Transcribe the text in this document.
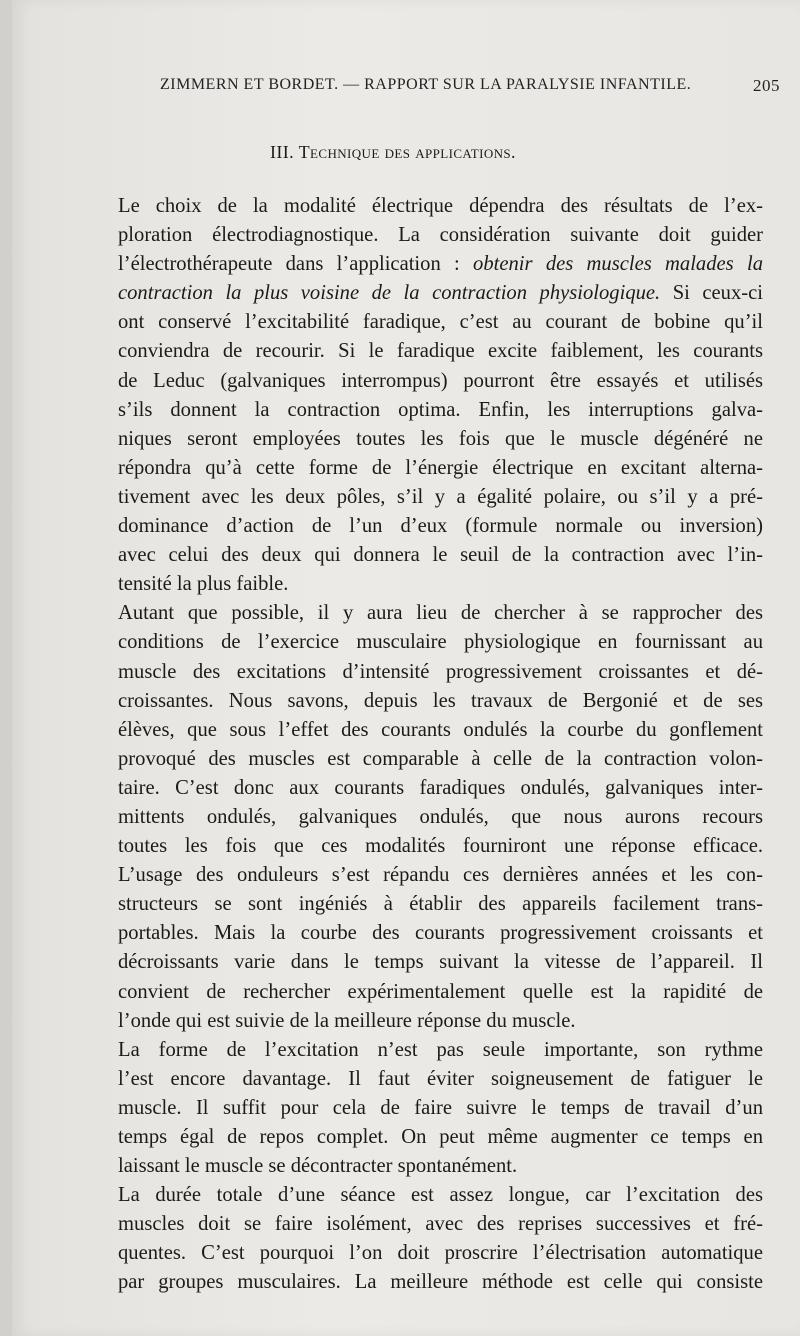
ZIMMERN ET BORDET. — RAPPORT SUR LA PARALYSIE INFANTILE.	205
III. Technique des applications.

Le choix de la modalité électrique dépendra des résultats de l’ex-
ploration électrodiagnostique. La considération suivante doit guider
l’électrothérapeute dans l’application : obtenir des muscles malades la
contraction la plus voisine de la contraction physiologique. Si ceux-ci
ont conservé l’excitabilité faradique, c’est au courant de bobine qu’il
conviendra de recourir. Si le faradique excite faiblement, les courants
de Leduc (galvaniques interrompus) pourront être essayés et utilisés
s’ils donnent la contraction optima. Enfin, les interruptions galva-
niques seront employées toutes les fois que le muscle dégénéré ne
répondra qu’à cette forme de l’énergie électrique en excitant alterna-
tivement avec les deux pôles, s’il y a égalité polaire, ou s’il y a pré-
dominance d’action de l’un d’eux (formule normale ou inversion)
avec celui des deux qui donnera le seuil de la contraction avec l’in-
tensité la plus faible.

Autant que possible, il y aura lieu de chercher à se rapprocher des
conditions de l’exercice musculaire physiologique en fournissant au
muscle des excitations d’intensité progressivement croissantes et dé-
croissantes. Nous savons, depuis les travaux de Bergonié et de ses
élèves, que sous l’effet des courants ondulés la courbe du gonflement
provoqué des muscles est comparable à celle de la contraction volon-
taire. C’est donc aux courants faradiques ondulés, galvaniques inter-
mittents ondulés, galvaniques ondulés, que nous aurons recours
toutes les fois que ces modalités fourniront une réponse efficace.
L’usage des onduleurs s’est répandu ces dernières années et les con-
structeurs se sont ingéniés à établir des appareils facilement trans-
portables. Mais la courbe des courants progressivement croissants et
décroissants varie dans le temps suivant la vitesse de l’appareil. Il
convient de rechercher expérimentalement quelle est la rapidité de
l’onde qui est suivie de la meilleure réponse du muscle.

La forme de l’excitation n’est pas seule importante, son rythme
l’est encore davantage. Il faut éviter soigneusement de fatiguer le
muscle. Il suffit pour cela de faire suivre le temps de travail d’un
temps égal de repos complet. On peut même augmenter ce temps en
laissant le muscle se décontracter spontanément.

La durée totale d’une séance est assez longue, car l’excitation des
muscles doit se faire isolément, avec des reprises successives et fré-
quentes. C’est pourquoi l’on doit proscrire l’électrisation automatique
par groupes musculaires. La meilleure méthode est celle qui consiste
